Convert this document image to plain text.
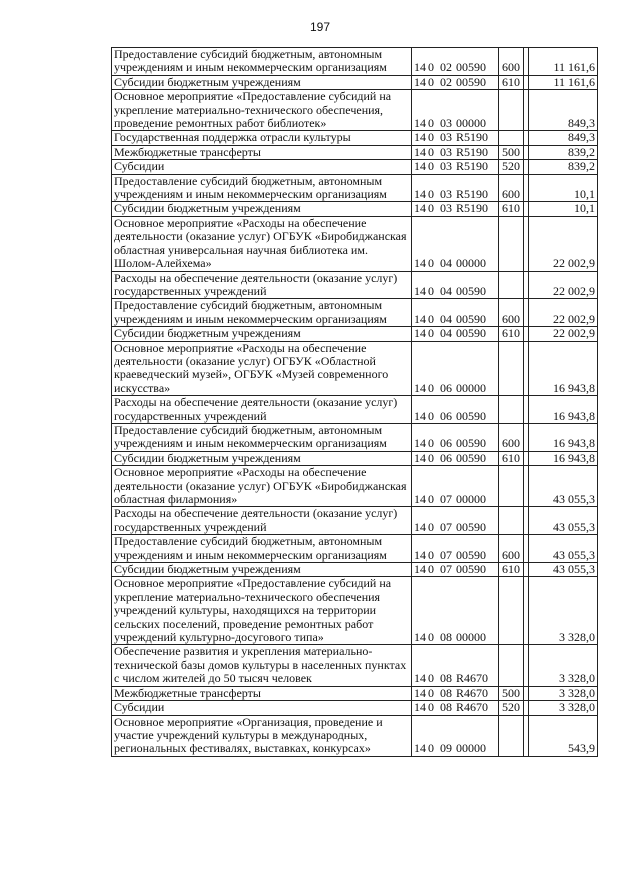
197
Предоставление субсидий бюджетным, автономным учреждениям и иным некоммерческим организациям	14 0 02 00590	600		11 161,6
Субсидии бюджетным учреждениям	14 0 02 00590	610		11 161,6
Основное мероприятие «Предоставление субсидий на укрепление материально-технического обеспечения, проведение ремонтных работ библиотек»	14 0 03 00000			849,3
Государственная поддержка отрасли культуры	14 0 03 R5190			849,3
Межбюджетные трансферты	14 0 03 R5190	500		839,2
Субсидии	14 0 03 R5190	520		839,2
Предоставление субсидий бюджетным, автономным учреждениям и иным некоммерческим организациям	14 0 03 R5190	600		10,1
Субсидии бюджетным учреждениям	14 0 03 R5190	610		10,1
Основное мероприятие «Расходы на обеспечение деятельности (оказание услуг) ОГБУК «Биробиджанская областная универсальная научная библиотека им. Шолом-Алейхема»	14 0 04 00000			22 002,9
Расходы на обеспечение деятельности (оказание услуг) государственных учреждений	14 0 04 00590			22 002,9
Предоставление субсидий бюджетным, автономным учреждениям и иным некоммерческим организациям	14 0 04 00590	600		22 002,9
Субсидии бюджетным учреждениям	14 0 04 00590	610		22 002,9
Основное мероприятие «Расходы на обеспечение деятельности (оказание услуг) ОГБУК «Областной краеведческий музей», ОГБУК «Музей современного искусства»	14 0 06 00000			16 943,8
Расходы на обеспечение деятельности (оказание услуг) государственных учреждений	14 0 06 00590			16 943,8
Предоставление субсидий бюджетным, автономным учреждениям и иным некоммерческим организациям	14 0 06 00590	600		16 943,8
Субсидии бюджетным учреждениям	14 0 06 00590	610		16 943,8
Основное мероприятие «Расходы на обеспечение деятельности (оказание услуг) ОГБУК «Биробиджанская областная филармония»	14 0 07 00000			43 055,3
Расходы на обеспечение деятельности (оказание услуг) государственных учреждений	14 0 07 00590			43 055,3
Предоставление субсидий бюджетным, автономным учреждениям и иным некоммерческим организациям	14 0 07 00590	600		43 055,3
Субсидии бюджетным учреждениям	14 0 07 00590	610		43 055,3
Основное мероприятие «Предоставление субсидий на укрепление материально-технического обеспечения учреждений культуры, находящихся на территории сельских поселений, проведение ремонтных работ учреждений культурно-досугового типа»	14 0 08 00000			3 328,0
Обеспечение развития и укрепления материально-технической базы домов культуры в населенных пунктах с числом жителей до 50 тысяч человек	14 0 08 R4670			3 328,0
Межбюджетные трансферты	14 0 08 R4670	500		3 328,0
Субсидии	14 0 08 R4670	520		3 328,0
Основное мероприятие «Организация, проведение и участие учреждений культуры в международных, региональных фестивалях, выставках, конкурсах»	14 0 09 00000			543,9
